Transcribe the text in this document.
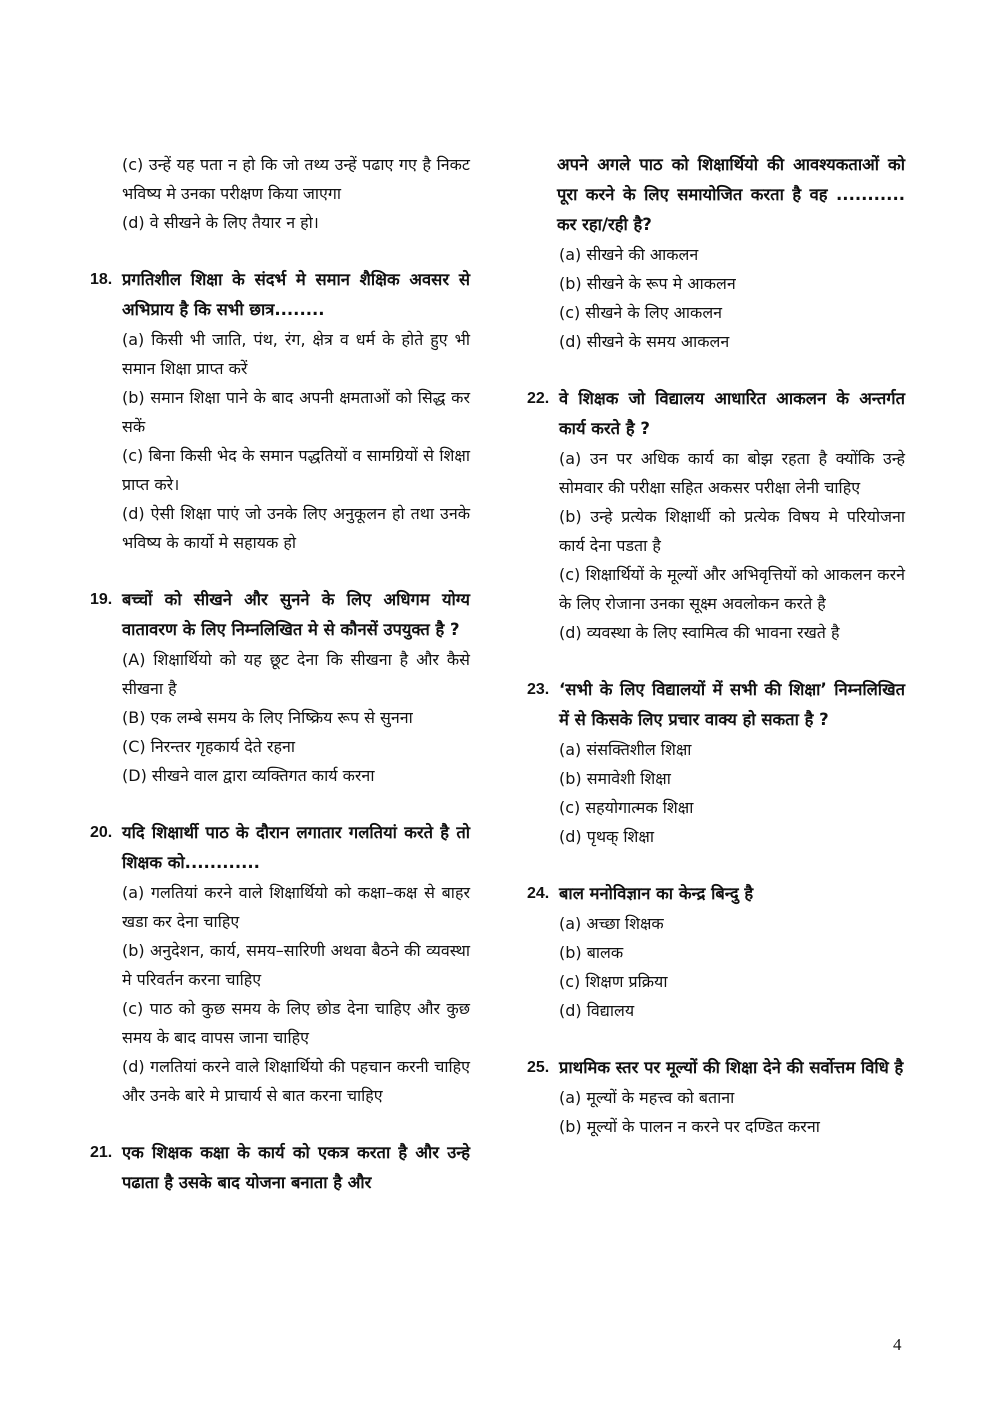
(c) उन्हें यह पता न हो कि जो तथ्य उन्हें पढाए गए है निकट भविष्य मे उनका परीक्षण किया जाएगा
(d) वे सीखने के लिए तैयार न हो।
18. प्रगतिशील शिक्षा के संदर्भ मे समान शैक्षिक अवसर से अभिप्राय है कि सभी छात्र........
(a) किसी भी जाति, पंथ, रंग, क्षेत्र व धर्म के होते हुए भी समान शिक्षा प्राप्त करें
(b) समान शिक्षा पाने के बाद अपनी क्षमताओं को सिद्ध कर सकें
(c) बिना किसी भेद के समान पद्धतियों व सामग्रियों से शिक्षा प्राप्त करे।
(d) ऐसी शिक्षा पाएं जो उनके लिए अनुकूलन हो तथा उनके भविष्य के कार्यो मे सहायक हो
19. बच्चों को सीखने और सुनने के लिए अधिगम योग्य वातावरण के लिए निम्नलिखित मे से कौनसें उपयुक्त है ?
(A) शिक्षार्थियो को यह छूट देना कि सीखना है और कैसे सीखना है
(B) एक लम्बे समय के लिए निष्क्रिय रूप से सुनना
(C) निरन्तर गृहकार्य देते रहना
(D) सीखने वाल द्वारा व्यक्तिगत कार्य करना
20. यदि शिक्षार्थी पाठ के दौरान लगातार गलतियां करते है तो शिक्षक को............
(a) गलतियां करने वाले शिक्षार्थियो को कक्षा–कक्ष से बाहर खडा कर देना चाहिए
(b) अनुदेशन, कार्य, समय–सारिणी अथवा बैठने की व्यवस्था मे परिवर्तन करना चाहिए
(c) पाठ को कुछ समय के लिए छोड देना चाहिए और कुछ समय के बाद वापस जाना चाहिए
(d) गलतियां करने वाले शिक्षार्थियो की पहचान करनी चाहिए और उनके बारे मे प्राचार्य से बात करना चाहिए
21. एक शिक्षक कक्षा के कार्य को एकत्र करता है और उन्हे पढाता है उसके बाद योजना बनाता है और
अपने अगले पाठ को शिक्षार्थियो की आवश्यकताओं को पूरा करने के लिए समायोजित करता है वह ........... कर रहा/रही है?
(a) सीखने की आकलन
(b) सीखने के रूप मे आकलन
(c) सीखने के लिए आकलन
(d) सीखने के समय आकलन
22. वे शिक्षक जो विद्यालय आधारित आकलन के अन्तर्गत कार्य करते है ?
(a) उन पर अधिक कार्य का बोझ रहता है क्योंकि उन्हे सोमवार की परीक्षा सहित अकसर परीक्षा लेनी चाहिए
(b) उन्हे प्रत्येक शिक्षार्थी को प्रत्येक विषय मे परियोजना कार्य देना पडता है
(c) शिक्षार्थियों के मूल्यों और अभिवृत्तियों को आकलन करने के लिए रोजाना उनका सूक्ष्म अवलोकन करते है
(d) व्यवस्था के लिए स्वामित्व की भावना रखते है
23. ‘सभी के लिए विद्यालयों में सभी की शिक्षा’ निम्नलिखित में से किसके लिए प्रचार वाक्य हो सकता है ?
(a) संसक्तिशील शिक्षा
(b) समावेशी शिक्षा
(c) सहयोगात्मक शिक्षा
(d) पृथक् शिक्षा
24. बाल मनोविज्ञान का केन्द्र बिन्दु है
(a) अच्छा शिक्षक
(b) बालक
(c) शिक्षण प्रक्रिया
(d) विद्यालय
25. प्राथमिक स्तर पर मूल्यों की शिक्षा देने की सर्वोत्तम विधि है
(a) मूल्यों के महत्त्व को बताना
(b) मूल्यों के पालन न करने पर दण्डित करना
4
